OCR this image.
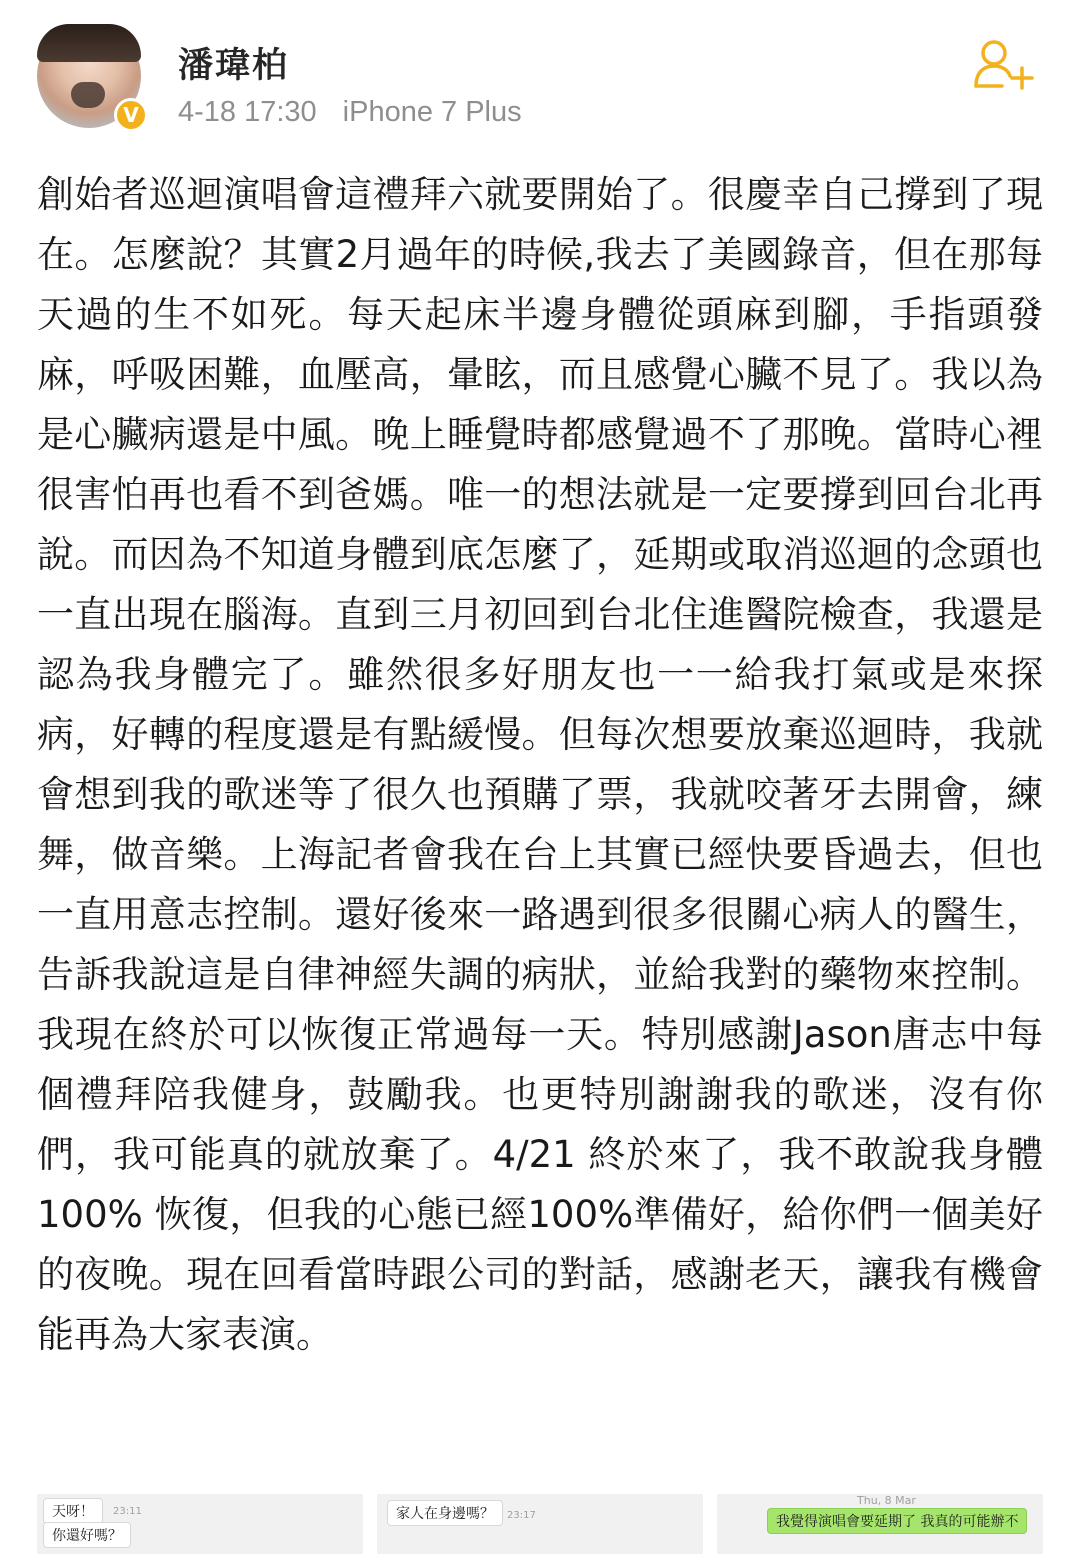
V
潘瑋柏
4-18 17:30 iPhone 7 Plus
創始者巡迴演唱會這禮拜六就要開始了。很慶幸自己撐到了現在。怎麼說？其實2月過年的時候,我去了美國錄音，但在那每天過的生不如死。每天起床半邊身體從頭麻到腳，手指頭發麻，呼吸困難，血壓高，暈眩，而且感覺心臟不見了。我以為是心臟病還是中風。晚上睡覺時都感覺過不了那晚。當時心裡很害怕再也看不到爸媽。唯一的想法就是一定要撐到回台北再說。而因為不知道身體到底怎麼了，延期或取消巡迴的念頭也一直出現在腦海。直到三月初回到台北住進醫院檢查，我還是認為我身體完了。雖然很多好朋友也一一給我打氣或是來探病，好轉的程度還是有點緩慢。但每次想要放棄巡迴時，我就會想到我的歌迷等了很久也預購了票，我就咬著牙去開會，練舞，做音樂。上海記者會我在台上其實已經快要昏過去，但也一直用意志控制。還好後來一路遇到很多很關心病人的醫生，告訴我說這是自律神經失調的病狀，並給我對的藥物來控制。我現在終於可以恢復正常過每一天。特別感謝Jason唐志中每個禮拜陪我健身，鼓勵我。也更特別謝謝我的歌迷，沒有你們，我可能真的就放棄了。4/21 終於來了，我不敢說我身體100% 恢復，但我的心態已經100%準備好，給你們一個美好的夜晚。現在回看當時跟公司的對話，感謝老天，讓我有機會能再為大家表演。
天呀！	23:11
你還好嗎？
家人在身邊嗎？	23:17
Thu, 8 Mar
我覺得演唱會要延期了 我真的可能辦不
